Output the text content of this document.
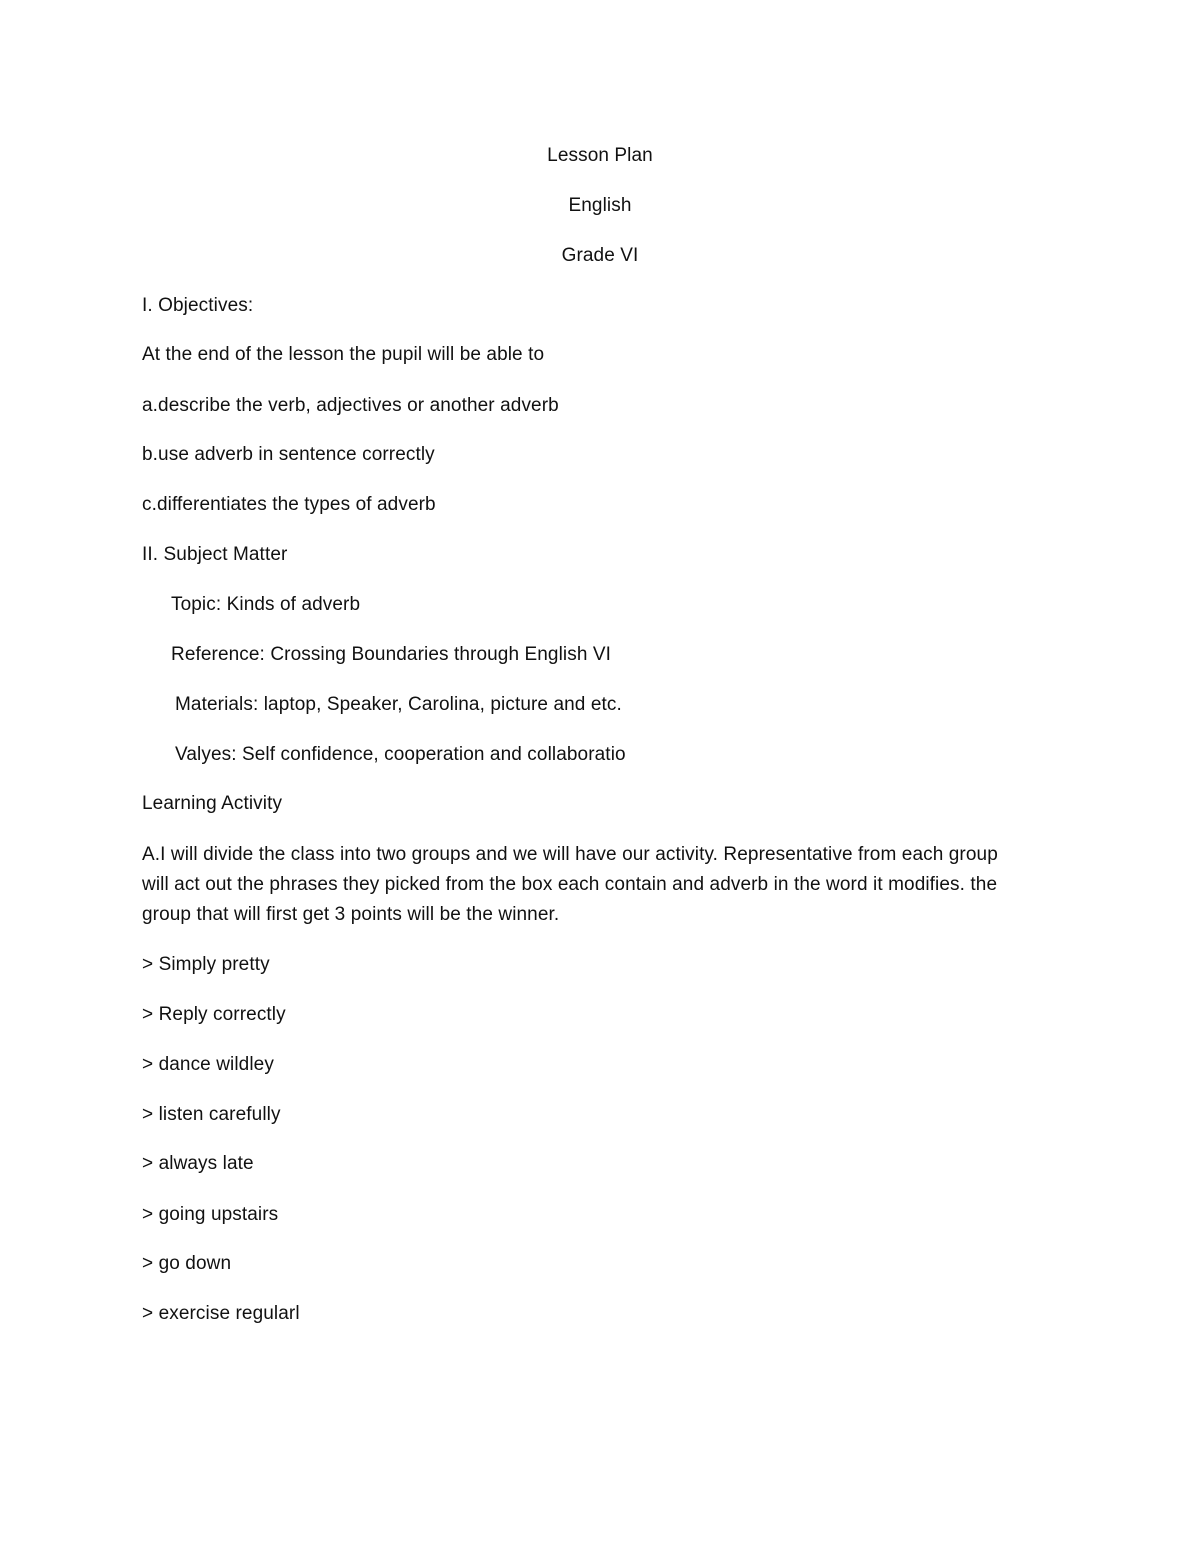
Lesson Plan
English
Grade VI
I. Objectives:
At the end of the lesson the pupil will be able to
a.describe the verb, adjectives or another adverb
b.use adverb in sentence correctly
c.differentiates the types of adverb
II. Subject Matter
Topic: Kinds of adverb
Reference: Crossing Boundaries through English VI
Materials: laptop, Speaker, Carolina, picture and etc.
Valyes: Self confidence, cooperation and collaboratio
Learning Activity
A.I will divide the class into two groups and we will have our activity. Representative from each group
will act out the phrases they picked from the box each contain and adverb in the word it modifies. the
group that will first get 3 points will be the winner.
> Simply pretty
> Reply correctly
> dance wildley
> listen carefully
> always late
> going upstairs
> go down
> exercise regularl
